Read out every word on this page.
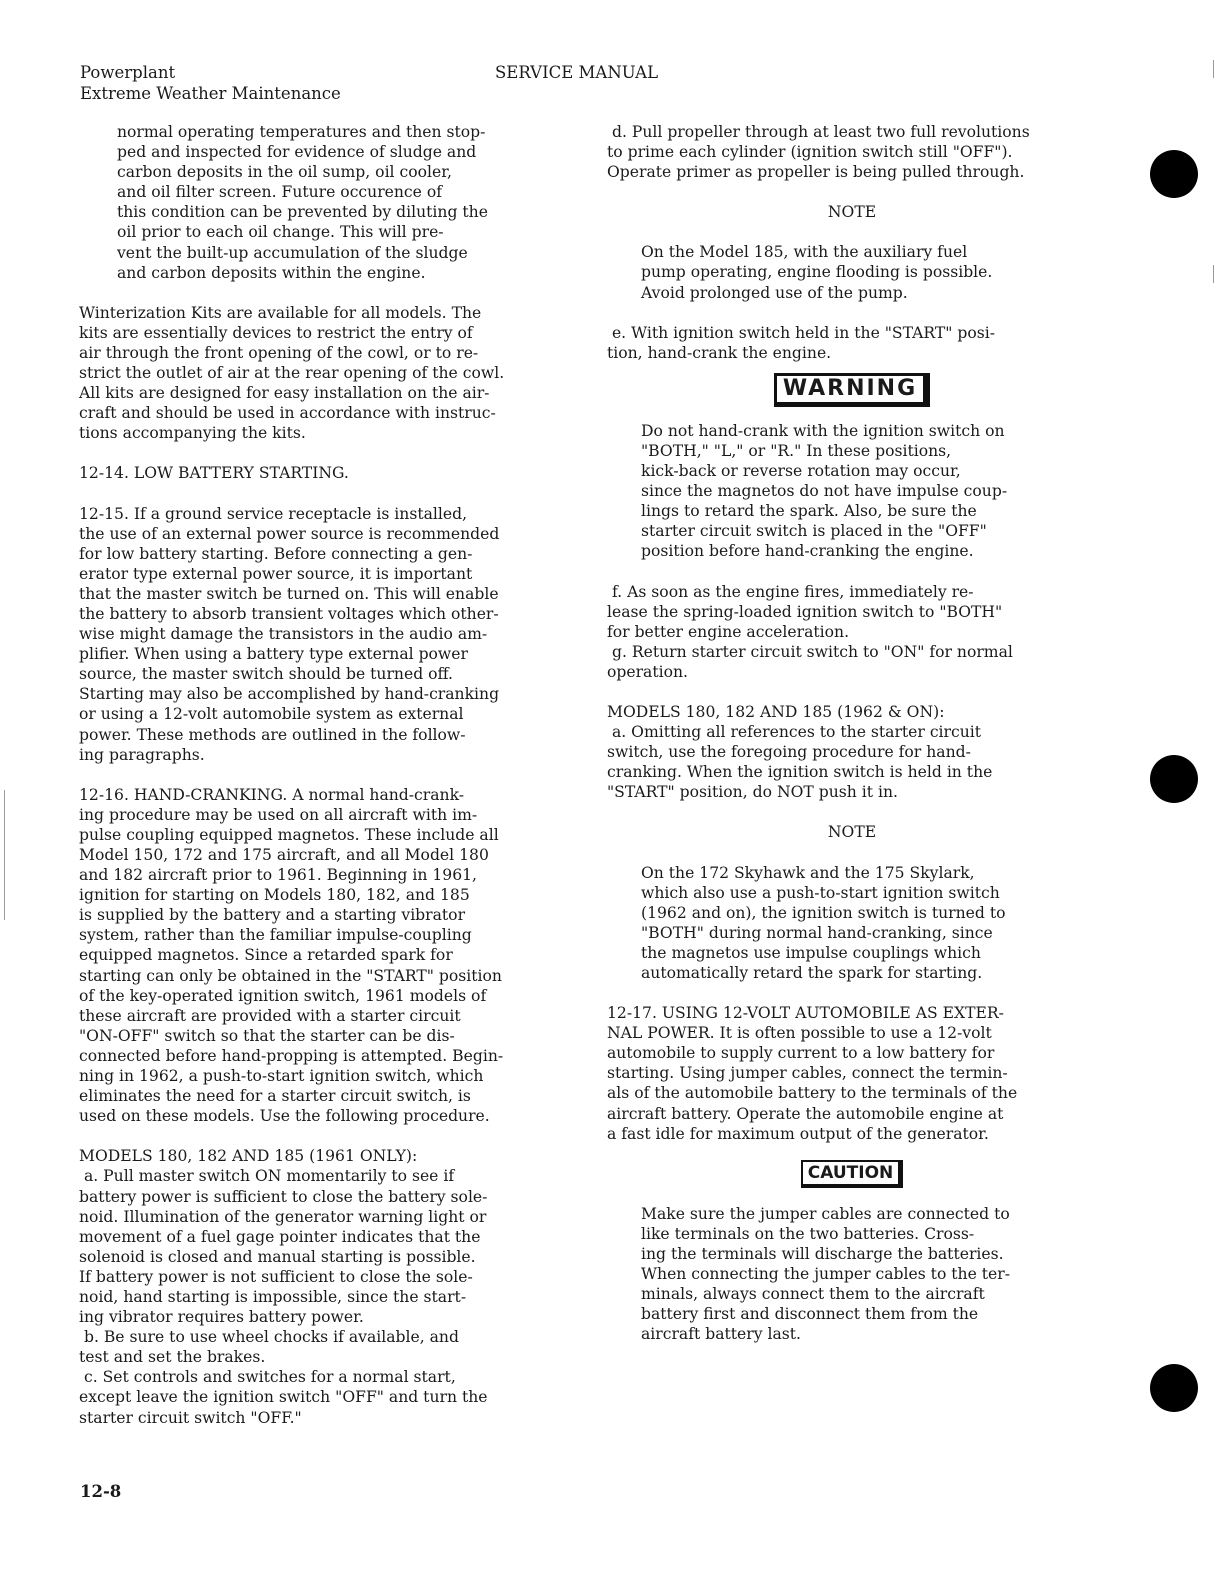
Powerplant
Extreme Weather Maintenance
SERVICE MANUAL
normal operating temperatures and then stop-
ped and inspected for evidence of sludge and
carbon deposits in the oil sump, oil cooler,
and oil filter screen. Future occurence of
this condition can be prevented by diluting the
oil prior to each oil change. This will pre-
vent the built-up accumulation of the sludge
and carbon deposits within the engine.
Winterization Kits are available for all models. The
kits are essentially devices to restrict the entry of
air through the front opening of the cowl, or to re-
strict the outlet of air at the rear opening of the cowl.
All kits are designed for easy installation on the air-
craft and should be used in accordance with instruc-
tions accompanying the kits.

12-14. LOW BATTERY STARTING.

12-15. If a ground service receptacle is installed,
the use of an external power source is recommended
for low battery starting. Before connecting a gen-
erator type external power source, it is important
that the master switch be turned on. This will enable
the battery to absorb transient voltages which other-
wise might damage the transistors in the audio am-
plifier. When using a battery type external power
source, the master switch should be turned off.
Starting may also be accomplished by hand-cranking
or using a 12-volt automobile system as external
power. These methods are outlined in the follow-
ing paragraphs.
12-16. HAND-CRANKING. A normal hand-crank-
ing procedure may be used on all aircraft with im-
pulse coupling equipped magnetos. These include all
Model 150, 172 and 175 aircraft, and all Model 180
and 182 aircraft prior to 1961. Beginning in 1961,
ignition for starting on Models 180, 182, and 185
is supplied by the battery and a starting vibrator
system, rather than the familiar impulse-coupling
equipped magnetos. Since a retarded spark for
starting can only be obtained in the "START" position
of the key-operated ignition switch, 1961 models of
these aircraft are provided with a starter circuit
"ON-OFF" switch so that the starter can be dis-
connected before hand-propping is attempted. Begin-
ning in 1962, a push-to-start ignition switch, which
eliminates the need for a starter circuit switch, is
used on these models. Use the following procedure.
MODELS 180, 182 AND 185 (1961 ONLY):
a. Pull master switch ON momentarily to see if
battery power is sufficient to close the battery sole-
noid. Illumination of the generator warning light or
movement of a fuel gage pointer indicates that the
solenoid is closed and manual starting is possible.
If battery power is not sufficient to close the sole-
noid, hand starting is impossible, since the start-
ing vibrator requires battery power.
b. Be sure to use wheel chocks if available, and
test and set the brakes.
c. Set controls and switches for a normal start,
except leave the ignition switch "OFF" and turn the
starter circuit switch "OFF."
d. Pull propeller through at least two full revolutions
to prime each cylinder (ignition switch still "OFF").
Operate primer as propeller is being pulled through.

NOTE

On the Model 185, with the auxiliary fuel
pump operating, engine flooding is possible.
Avoid prolonged use of the pump.
e. With ignition switch held in the "START" posi-
tion, hand-crank the engine.
WARNING
Do not hand-crank with the ignition switch on
"BOTH," "L," or "R." In these positions,
kick-back or reverse rotation may occur,
since the magnetos do not have impulse coup-
lings to retard the spark. Also, be sure the
starter circuit switch is placed in the "OFF"
position before hand-cranking the engine.
f. As soon as the engine fires, immediately re-
lease the spring-loaded ignition switch to "BOTH"
for better engine acceleration.
g. Return starter circuit switch to "ON" for normal
operation.
MODELS 180, 182 AND 185 (1962 & ON):
a. Omitting all references to the starter circuit
switch, use the foregoing procedure for hand-
cranking. When the ignition switch is held in the
"START" position, do NOT push it in.

NOTE

On the 172 Skyhawk and the 175 Skylark,
which also use a push-to-start ignition switch
(1962 and on), the ignition switch is turned to
"BOTH" during normal hand-cranking, since
the magnetos use impulse couplings which
automatically retard the spark for starting.
12-17. USING 12-VOLT AUTOMOBILE AS EXTER-
NAL POWER. It is often possible to use a 12-volt
automobile to supply current to a low battery for
starting. Using jumper cables, connect the termin-
als of the automobile battery to the terminals of the
aircraft battery. Operate the automobile engine at
a fast idle for maximum output of the generator.
CAUTION
Make sure the jumper cables are connected to
like terminals on the two batteries. Cross-
ing the terminals will discharge the batteries.
When connecting the jumper cables to the ter-
minals, always connect them to the aircraft
battery first and disconnect them from the
aircraft battery last.
12-8
